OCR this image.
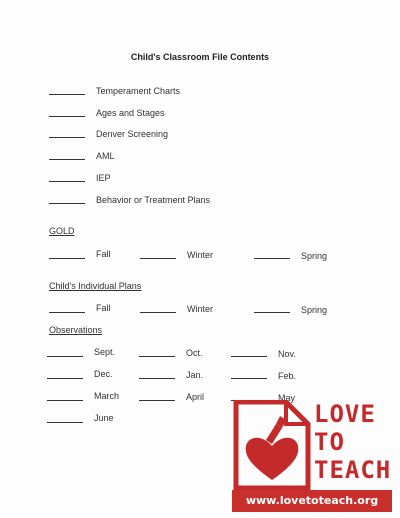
Child's Classroom File Contents
Temperament Charts
Ages and Stages
Denver Screening
AML
IEP
Behavior or Treatment Plans
GOLD
Fall	Winter	Spring
Child's Individual Plans
Fall	Winter	Spring
Observations
Sept.	Oct.	Nov.
Dec.	Jan.	Feb.
March	April	May
June	LOVE
TO
TEACH
www.lovetoteach.org
